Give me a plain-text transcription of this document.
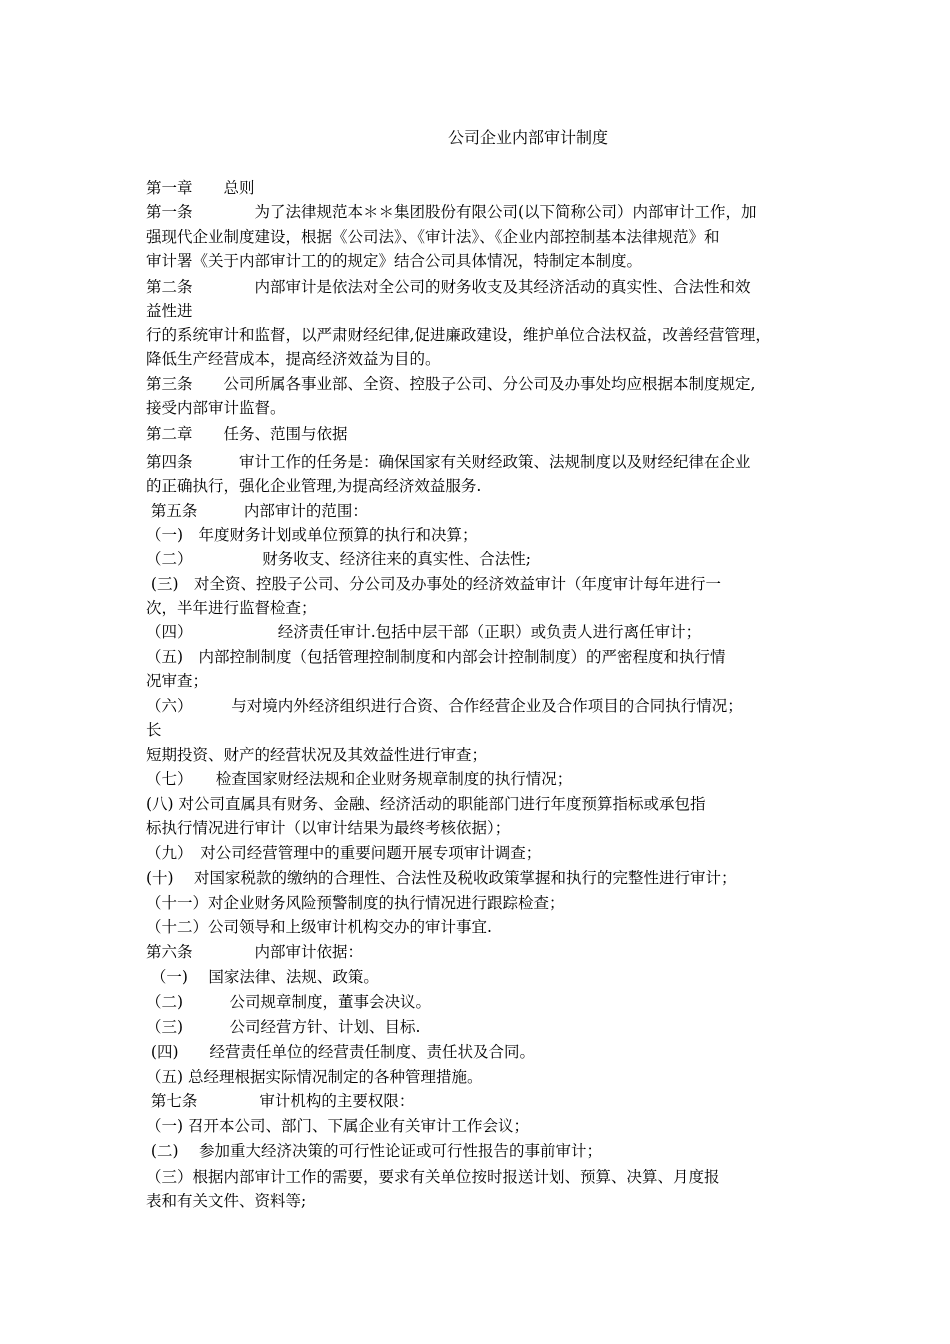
公司企业内部审计制度

第一章　　总则

第一条　　　　为了法律规范本＊＊集团股份有限公司(以下简称公司）内部审计工作，加

强现代企业制度建设，根据《公司法》、《审计法》、《企业内部控制基本法律规范》和

审计署《关于内部审计工的的规定》结合公司具体情况，特制定本制度。

第二条　　　　内部审计是依法对全公司的财务收支及其经济活动的真实性、合法性和效

益性进

行的系统审计和监督，以严肃财经纪律,促进廉政建设，维护单位合法权益，改善经营管理，

降低生产经营成本，提高经济效益为目的。

第三条　　公司所属各事业部、全资、控股子公司、分公司及办事处均应根据本制度规定,

接受内部审计监督。

第二章　　任务、范围与依据

第四条　　　审计工作的任务是：确保国家有关财经政策、法规制度以及财经纪律在企业

的正确执行，强化企业管理,为提高经济效益服务.

第五条　　　内部审计的范围：

（一)　年度财务计划或单位预算的执行和决算；

（二）　　　　　财务收支、经济往来的真实性、合法性;

(三)　对全资、控股子公司、分公司及办事处的经济效益审计（年度审计每年进行一

次，半年进行监督检查；

（四）　　　　　　经济责任审计.包括中层干部（正职）或负责人进行离任审计；

（五)　内部控制制度（包括管理控制制度和内部会计控制制度）的严密程度和执行情

况审查；

（六）　　　与对境内外经济组织进行合资、合作经营企业及合作项目的合同执行情况；

长

短期投资、财产的经营状况及其效益性进行审查；

（七）　　检查国家财经法规和企业财务规章制度的执行情况；

(八) 对公司直属具有财务、金融、经济活动的职能部门进行年度预算指标或承包指

标执行情况进行审计（以审计结果为最终考核依据）；

（九）　对公司经营管理中的重要问题开展专项审计调查；

(十)　 对国家税款的缴纳的合理性、合法性及税收政策掌握和执行的完整性进行审计；

（十一）对企业财务风险预警制度的执行情况进行跟踪检查；

（十二）公司领导和上级审计机构交办的审计事宜.

第六条　　　　内部审计依据：

（一)　 国家法律、法规、政策。

（二)　　　公司规章制度，董事会决议。

（三)　　　公司经营方针、计划、目标.

(四)　　经营责任单位的经营责任制度、责任状及合同。

（五) 总经理根据实际情况制定的各种管理措施。

第七条　　　　审计机构的主要权限：

（一) 召开本公司、部门、下属企业有关审计工作会议；

(二)　 参加重大经济决策的可行性论证或可行性报告的事前审计；

（三）根据内部审计工作的需要，要求有关单位按时报送计划、预算、决算、月度报

表和有关文件、资料等;
